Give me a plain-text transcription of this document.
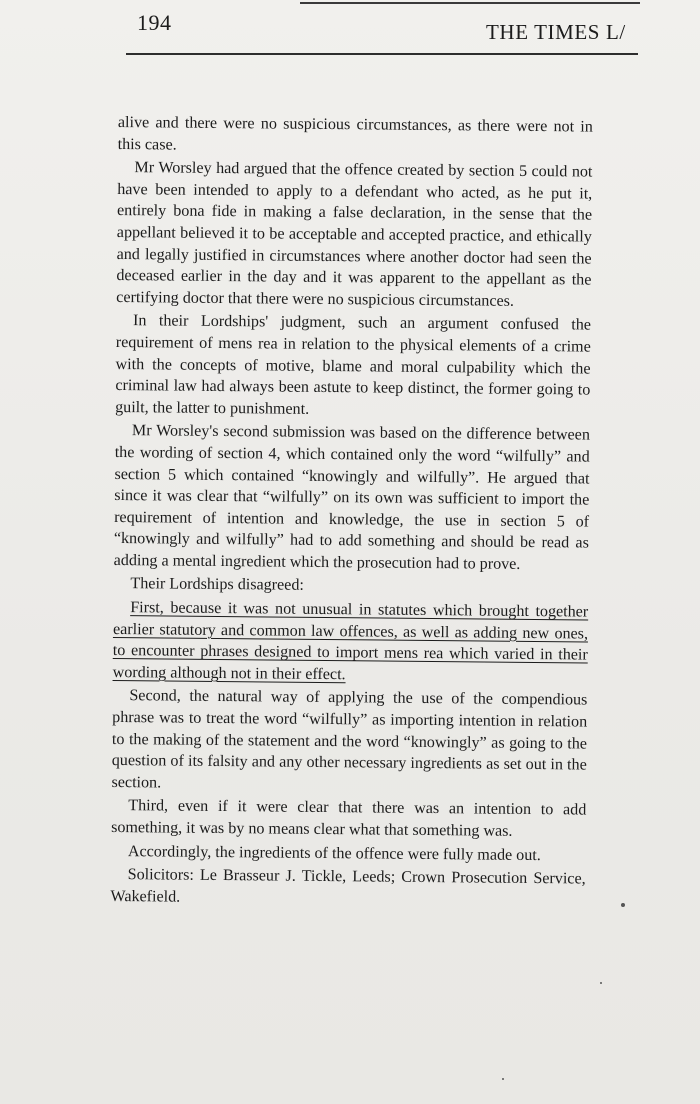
194	THE TIMES L/

alive and there were no suspicious circumstances, as there were not in this case.

Mr Worsley had argued that the offence created by section 5 could not have been intended to apply to a defendant who acted, as he put it, entirely bona fide in making a false declaration, in the sense that the appellant believed it to be acceptable and accepted practice, and ethically and legally justified in circumstances where another doctor had seen the deceased earlier in the day and it was apparent to the appellant as the certifying doctor that there were no suspicious circumstances.

In their Lordships' judgment, such an argument confused the requirement of mens rea in relation to the physical elements of a crime with the concepts of motive, blame and moral culpability which the criminal law had always been astute to keep distinct, the former going to guilt, the latter to punishment.

Mr Worsley's second submission was based on the difference between the wording of section 4, which contained only the word “wilfully” and section 5 which contained “knowingly and wilfully”. He argued that since it was clear that “wilfully” on its own was sufficient to import the requirement of intention and knowledge, the use in section 5 of “knowingly and wilfully” had to add something and should be read as adding a mental ingredient which the prosecution had to prove.

Their Lordships disagreed:

First, because it was not unusual in statutes which brought together earlier statutory and common law offences, as well as adding new ones, to encounter phrases designed to import mens rea which varied in their wording although not in their effect.

Second, the natural way of applying the use of the compendious phrase was to treat the word “wilfully” as importing intention in relation to the making of the statement and the word “knowingly” as going to the question of its falsity and any other necessary ingredients as set out in the section.

Third, even if it were clear that there was an intention to add something, it was by no means clear what that something was.

Accordingly, the ingredients of the offence were fully made out.

Solicitors: Le Brasseur J. Tickle, Leeds; Crown Prosecution Service, Wakefield.
